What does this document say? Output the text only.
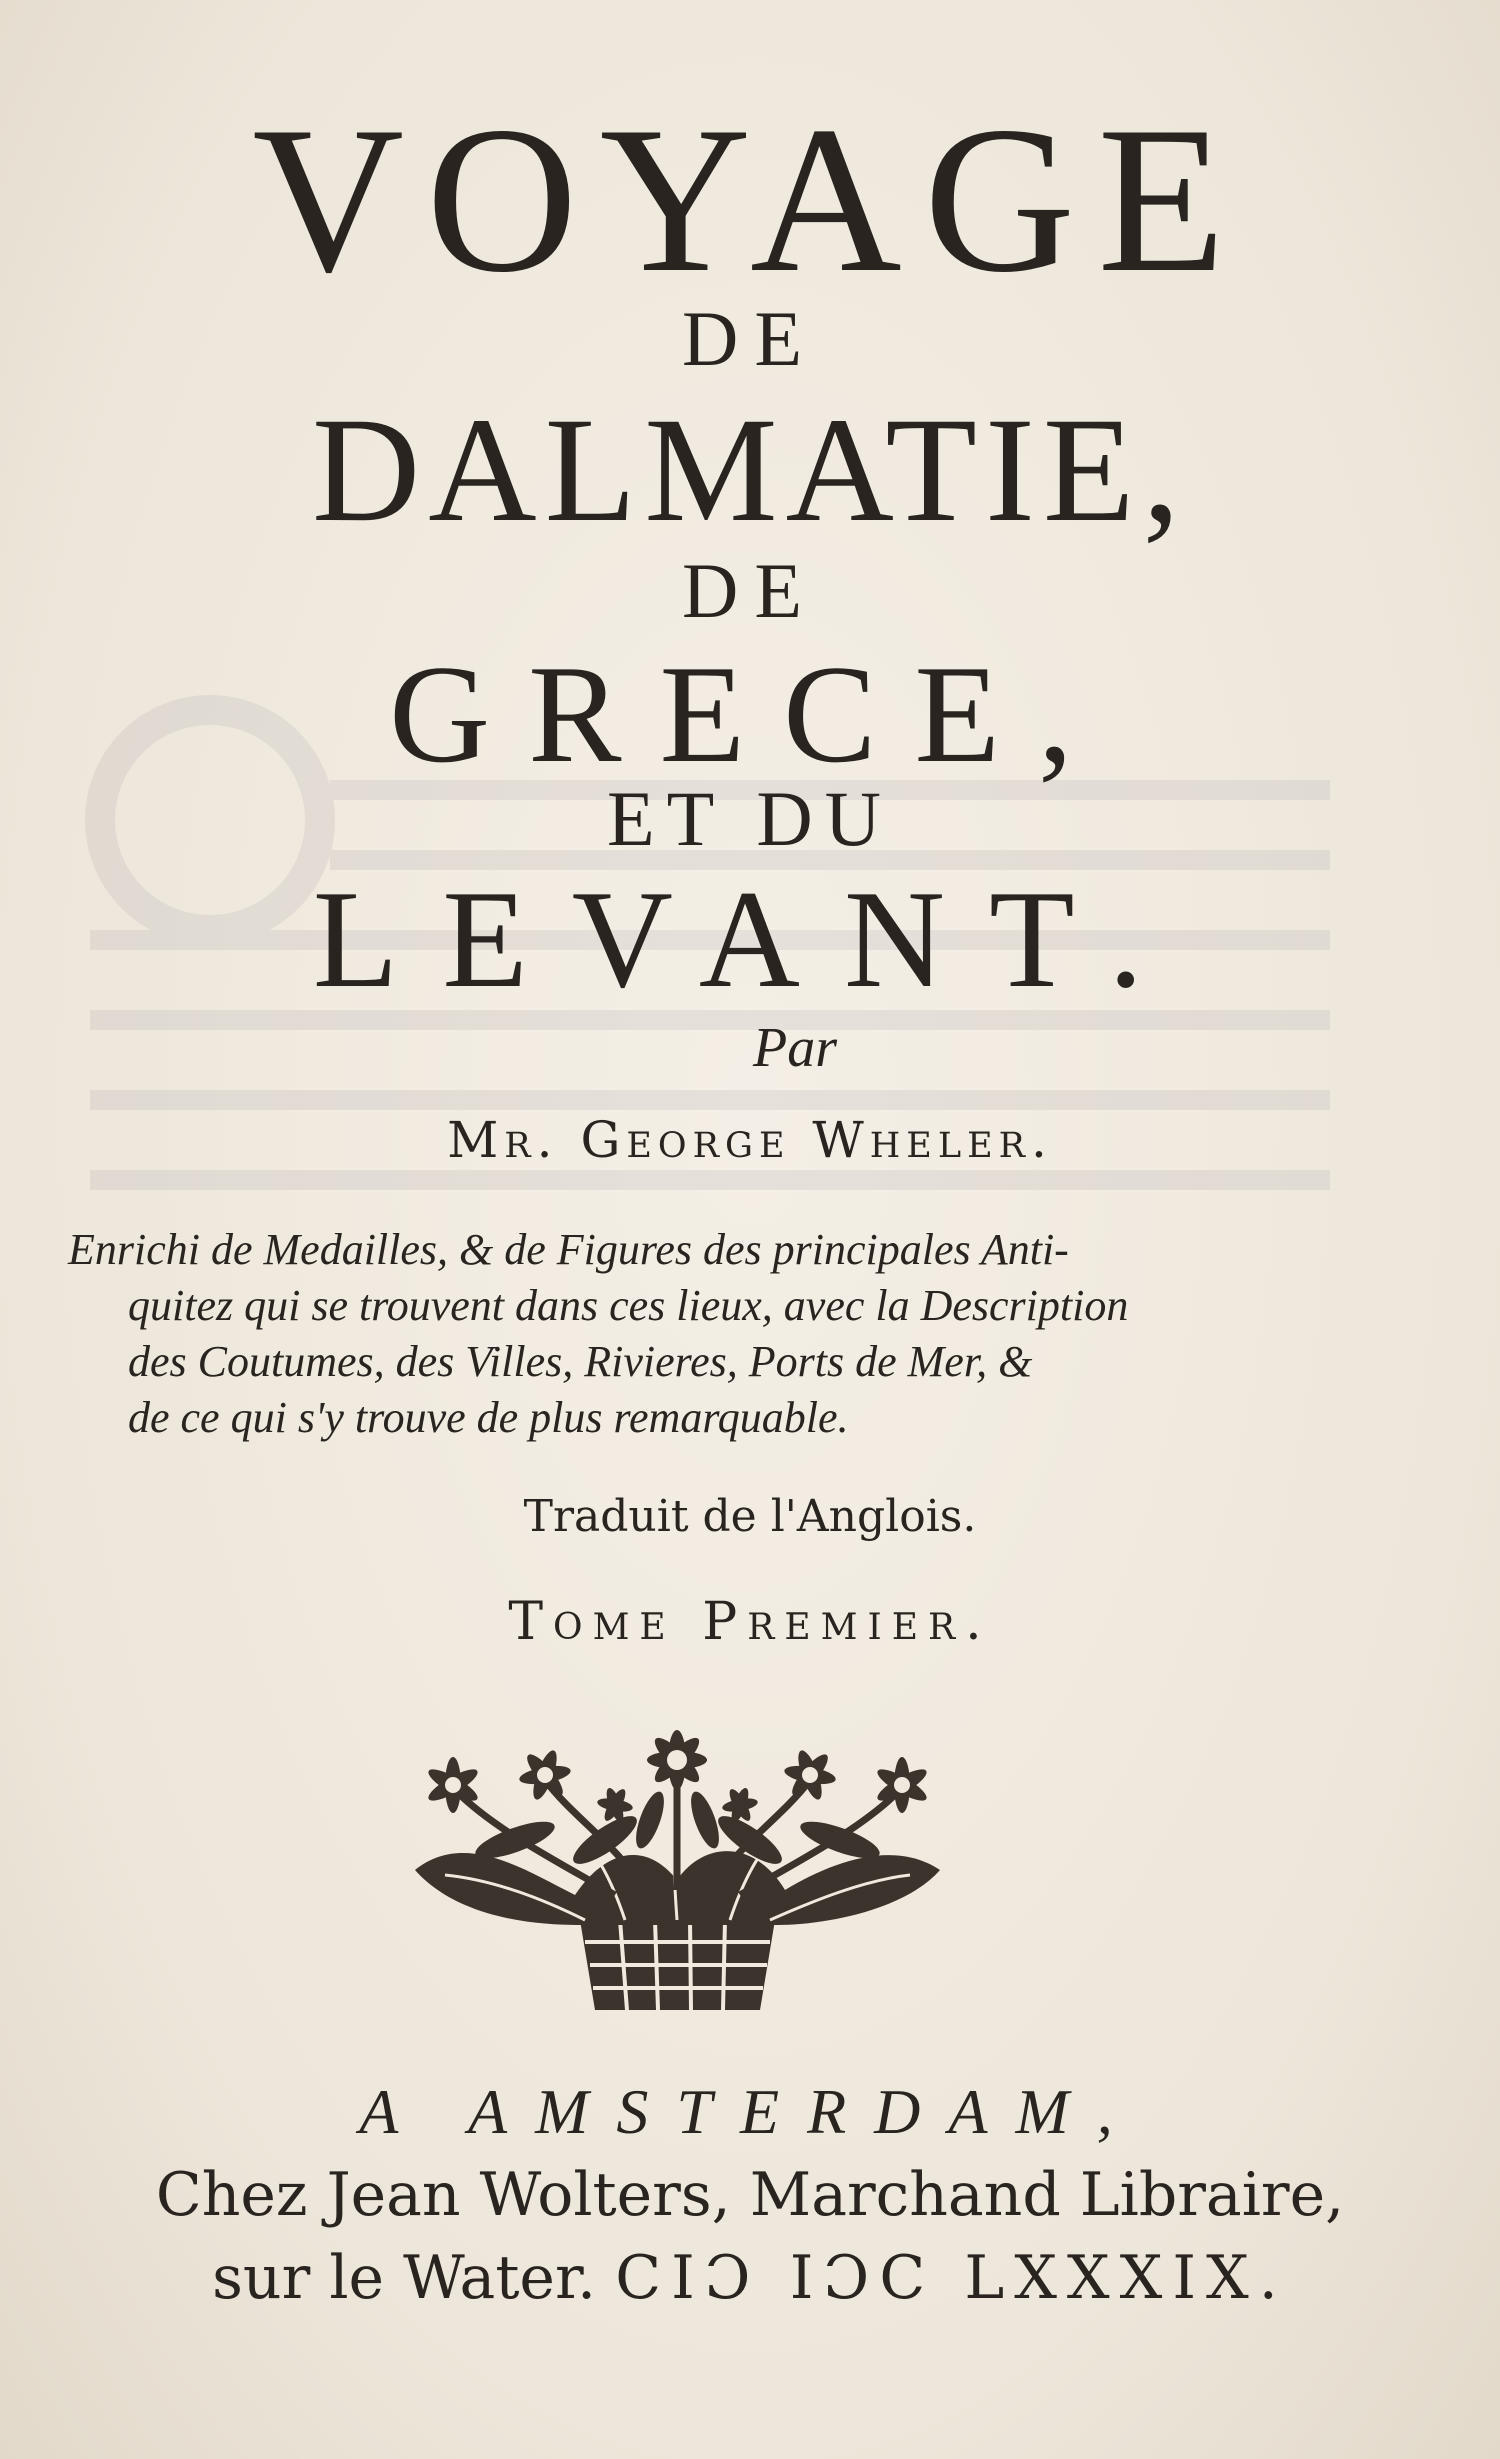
VOYAGE
DE
DALMATIE,
DE
GRECE,
ET DU
LEVANT.
Par
Mr. George Wheler.
Enrichi de Medailles, & de Figures des principales Anti-
quitez qui se trouvent dans ces lieux, avec la Description
des Coutumes, des Villes, Rivieres, Ports de Mer, &
de ce qui s'y trouve de plus remarquable.
Traduit de l'Anglois.
Tome Premier.
A AMSTERDAM,
Chez Jean Wolters, Marchand Libraire,
sur le Water. CIƆ IƆC LXXXIX.
